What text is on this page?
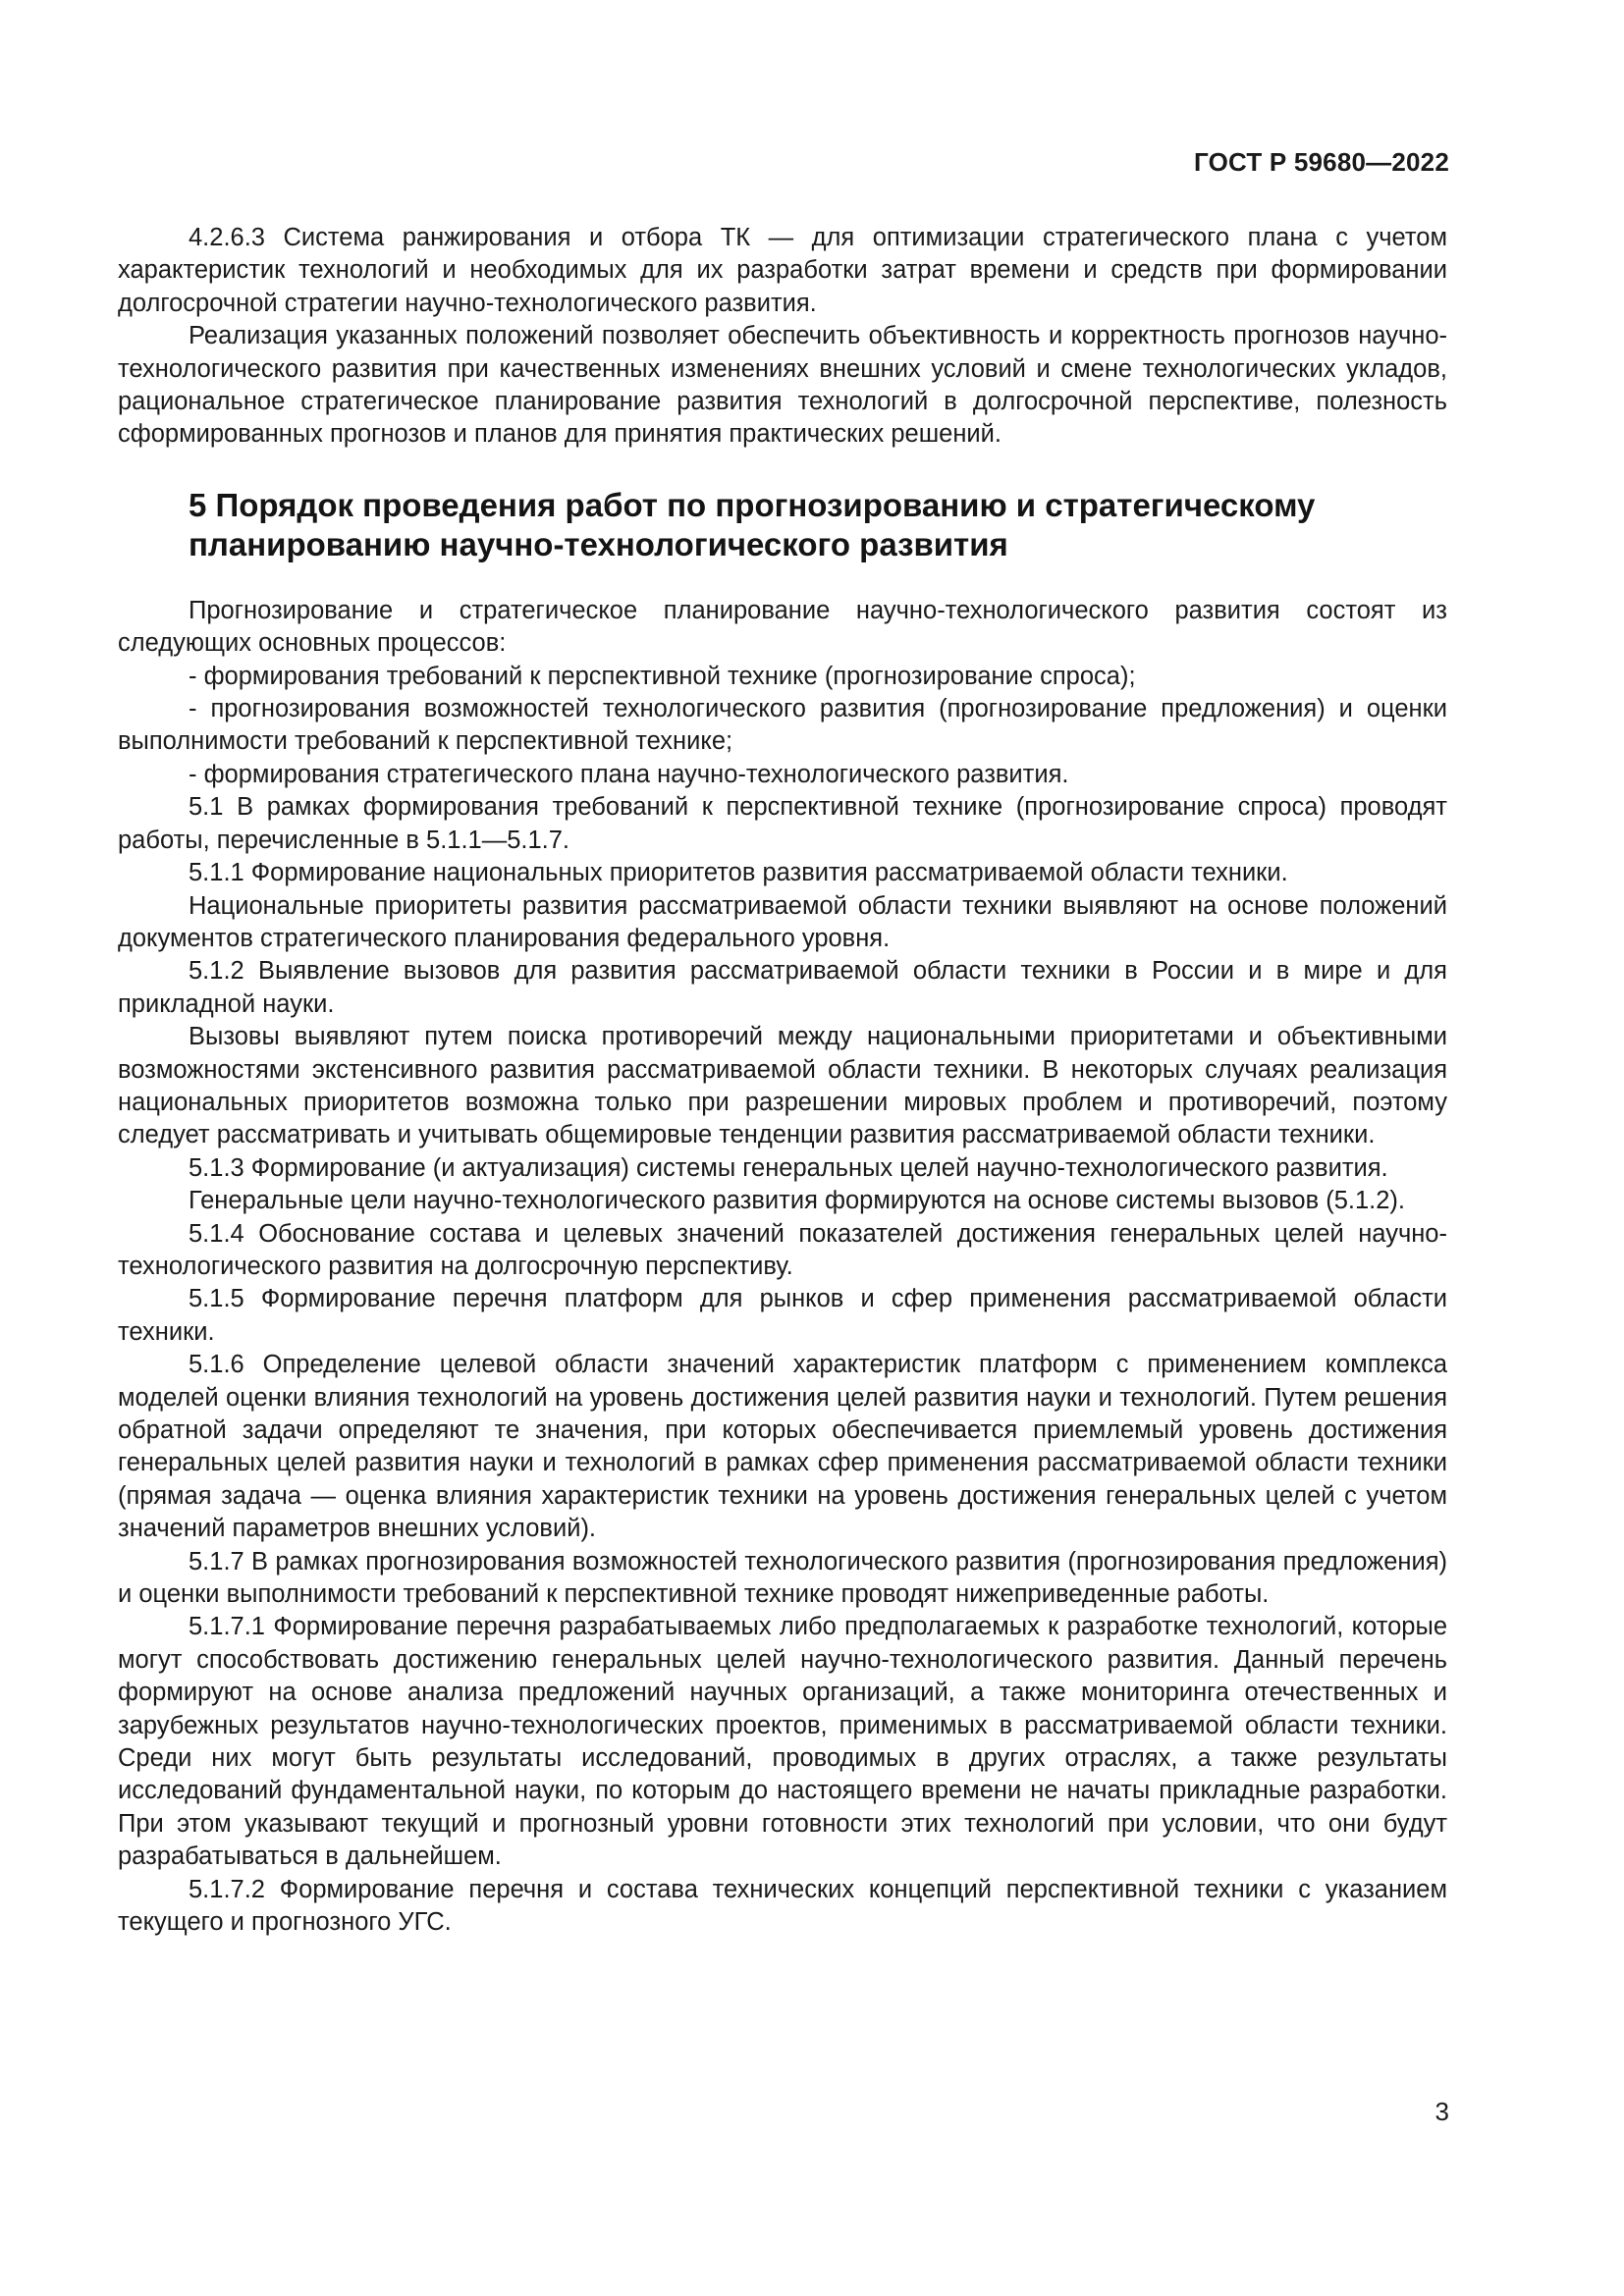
ГОСТ Р 59680—2022

4.2.6.3 Система ранжирования и отбора ТК — для оптимизации стратегического плана с учетом характеристик технологий и необходимых для их разработки затрат времени и средств при формировании долгосрочной стратегии научно-технологического развития.

Реализация указанных положений позволяет обеспечить объективность и корректность прогнозов научно-технологического развития при качественных изменениях внешних условий и смене технологических укладов, рациональное стратегическое планирование развития технологий в долгосрочной перспективе, полезность сформированных прогнозов и планов для принятия практических решений.

5 Порядок проведения работ по прогнозированию и стратегическому планированию научно-технологического развития

Прогнозирование и стратегическое планирование научно-технологического развития состоят из следующих основных процессов:

- формирования требований к перспективной технике (прогнозирование спроса);

- прогнозирования возможностей технологического развития (прогнозирование предложения) и оценки выполнимости требований к перспективной технике;

- формирования стратегического плана научно-технологического развития.

5.1 В рамках формирования требований к перспективной технике (прогнозирование спроса) проводят работы, перечисленные в 5.1.1—5.1.7.

5.1.1 Формирование национальных приоритетов развития рассматриваемой области техники.

Национальные приоритеты развития рассматриваемой области техники выявляют на основе положений документов стратегического планирования федерального уровня.

5.1.2 Выявление вызовов для развития рассматриваемой области техники в России и в мире и для прикладной науки.

Вызовы выявляют путем поиска противоречий между национальными приоритетами и объективными возможностями экстенсивного развития рассматриваемой области техники. В некоторых случаях реализация национальных приоритетов возможна только при разрешении мировых проблем и противоречий, поэтому следует рассматривать и учитывать общемировые тенденции развития рассматриваемой области техники.

5.1.3 Формирование (и актуализация) системы генеральных целей научно-технологического развития.

Генеральные цели научно-технологического развития формируются на основе системы вызовов (5.1.2).

5.1.4 Обоснование состава и целевых значений показателей достижения генеральных целей научно-технологического развития на долгосрочную перспективу.

5.1.5 Формирование перечня платформ для рынков и сфер применения рассматриваемой области техники.

5.1.6 Определение целевой области значений характеристик платформ с применением комплекса моделей оценки влияния технологий на уровень достижения целей развития науки и технологий. Путем решения обратной задачи определяют те значения, при которых обеспечивается приемлемый уровень достижения генеральных целей развития науки и технологий в рамках сфер применения рассматриваемой области техники (прямая задача — оценка влияния характеристик техники на уровень достижения генеральных целей с учетом значений параметров внешних условий).

5.1.7 В рамках прогнозирования возможностей технологического развития (прогнозирования предложения) и оценки выполнимости требований к перспективной технике проводят нижеприведенные работы.

5.1.7.1 Формирование перечня разрабатываемых либо предполагаемых к разработке технологий, которые могут способствовать достижению генеральных целей научно-технологического развития. Данный перечень формируют на основе анализа предложений научных организаций, а также мониторинга отечественных и зарубежных результатов научно-технологических проектов, применимых в рассматриваемой области техники. Среди них могут быть результаты исследований, проводимых в других отраслях, а также результаты исследований фундаментальной науки, по которым до настоящего времени не начаты прикладные разработки. При этом указывают текущий и прогнозный уровни готовности этих технологий при условии, что они будут разрабатываться в дальнейшем.

5.1.7.2 Формирование перечня и состава технических концепций перспективной техники с указанием текущего и прогнозного УГС.

3
